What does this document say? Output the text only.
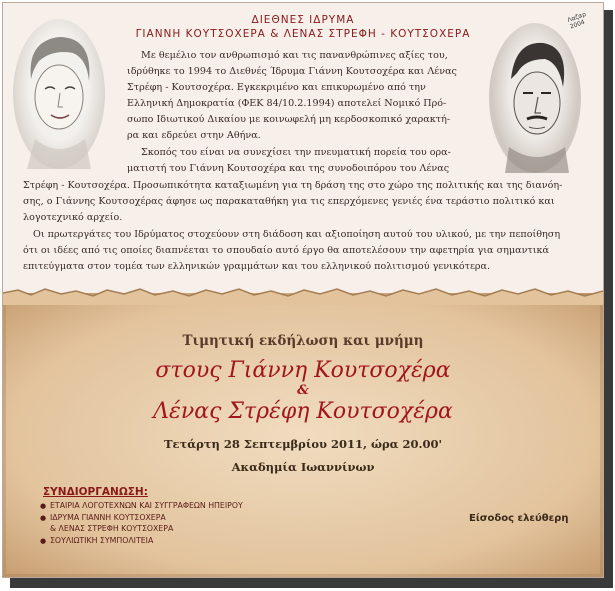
Λαζαρ 2004
ΔΙΕΘΝΕΣ ΙΔΡΥΜΑ
ΓΙΑΝΝΗ ΚΟΥΤΣΟΧΕΡΑ & ΛΕΝΑΣ ΣΤΡΕΦΗ - ΚΟΥΤΣΟΧΕΡΑ
Με θεμέλιο τον ανθρωπισμό και τις πανανθρώπινες αξίες του,
ιδρύθηκε το 1994 το Διεθνές Ίδρυμα Γιάννη Κουτσοχέρα και Λένας
Στρέφη - Κουτσοχέρα. Εγκεκριμένο και επικυρωμένο από την
Ελληνική Δημοκρατία (ΦΕΚ 84/10.2.1994) αποτελεί Νομικό Πρό-
σωπο Ιδιωτικού Δικαίου με κοινωφελή μη κερδοσκοπικό χαρακτή-
ρα και εδρεύει στην Αθήνα.
Σκοπός του είναι να συνεχίσει την πνευματική πορεία του ορα-
ματιστή του Γιάννη Κουτσοχέρα και της συνοδοιπόρου του Λένας
Στρέφη - Κουτσοχέρα. Προσωπικότητα καταξιωμένη για τη δράση της στο χώρο της πολιτικής και της διανόη-
σης, ο Γιάννης Κουτσοχέρας άφησε ως παρακαταθήκη για τις επερχόμενες γενιές ένα τεράστιο πολιτικό και
λογοτεχνικό αρχείο.
Οι πρωτεργάτες του Ιδρύματος στοχεύουν στη διάδοση και αξιοποίηση αυτού του υλικού, με την πεποίθηση
ότι οι ιδέες από τις οποίες διαπνέεται το σπουδαίο αυτό έργο θα αποτελέσουν την αφετηρία για σημαντικά
επιτεύγματα στον τομέα των ελληνικών γραμμάτων και του ελληνικού πολιτισμού γενικότερα.
Τιμητική εκδήλωση και μνήμη
στους Γιάννη Κουτσοχέρα
&
Λένας Στρέφη Κουτσοχέρα
Τετάρτη 28 Σεπτεμβρίου 2011, ώρα 20.00'
Ακαδημία Ιωαννίνων
ΣΥΝΔΙΟΡΓΑΝΩΣΗ:
● ΕΤΑΙΡΙΑ ΛΟΓΟΤΕΧΝΩΝ ΚΑΙ ΣΥΓΓΡΑΦΕΩΝ ΗΠΕΙΡΟΥ
● ΙΔΡΥΜΑ ΓΙΑΝΝΗ ΚΟΥΤΣΟΧΕΡΑ
& ΛΕΝΑΣ ΣΤΡΕΦΗ ΚΟΥΤΣΟΧΕΡΑ
● ΣΟΥΛΙΩΤΙΚΗ ΣΥΜΠΟΛΙΤΕΙΑ
Είσοδος ελεύθερη
